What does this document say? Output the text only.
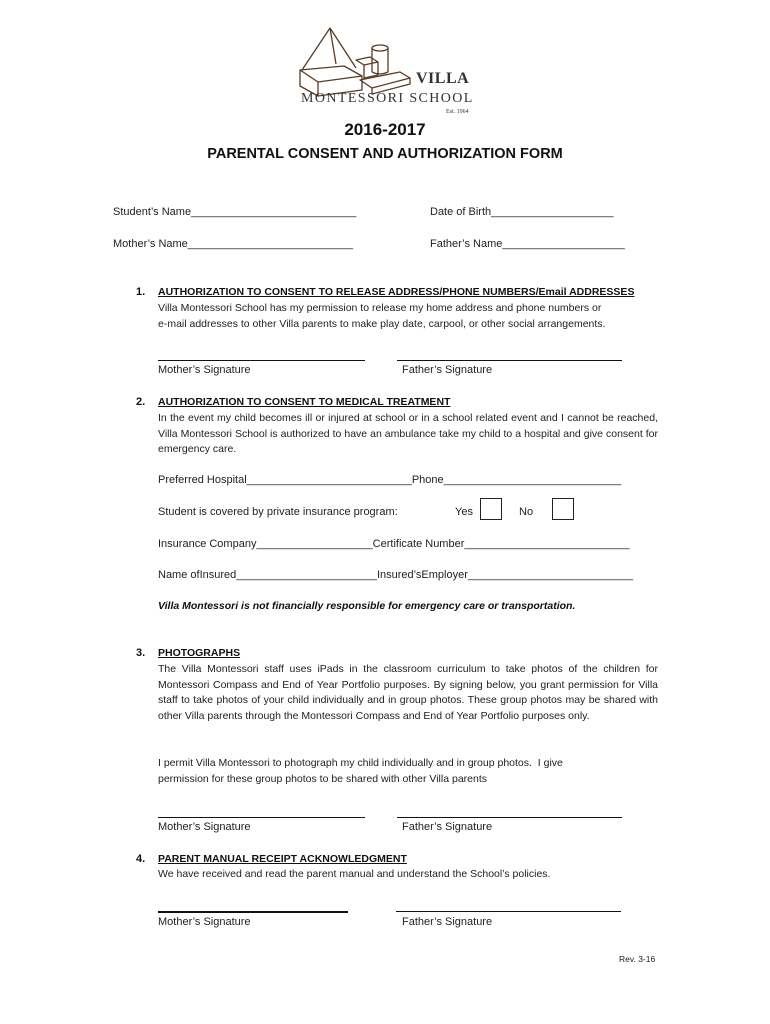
VILLA
MONTESSORI SCHOOL
Est. 1964
2016-2017
PARENTAL CONSENT AND AUTHORIZATION FORM
Student’s Name___________________________	Date of Birth____________________
Mother’s Name___________________________	Father’s Name____________________
1. AUTHORIZATION TO CONSENT TO RELEASE ADDRESS/PHONE NUMBERS/Email ADDRESSES
Villa Montessori School has my permission to release my home address and phone numbers or
e-mail addresses to other Villa parents to make play date, carpool, or other social arrangements.
Mother’s Signature	Father’s Signature
2. AUTHORIZATION TO CONSENT TO MEDICAL TREATMENT
In the event my child becomes ill or injured at school or in a school related event and I cannot be reached, Villa Montessori School is authorized to have an ambulance take my child to a hospital and give consent for emergency care.
Preferred Hospital___________________________Phone_____________________________
Student is covered by private insurance program:	Yes	No
Insurance Company___________________Certificate Number___________________________
Name ofInsured_______________________Insured’sEmployer___________________________
Villa Montessori is not financially responsible for emergency care or transportation.
3. PHOTOGRAPHS
The Villa Montessori staff uses iPads in the classroom curriculum to take photos of the children for Montessori Compass and End of Year Portfolio purposes. By signing below, you grant permission for Villa staff to take photos of your child individually and in group photos. These group photos may be shared with other Villa parents through the Montessori Compass and End of Year Portfolio purposes only.
I permit Villa Montessori to photograph my child individually and in group photos.  I give
permission for these group photos to be shared with other Villa parents
Mother’s Signature	Father’s Signature
4. PARENT MANUAL RECEIPT ACKNOWLEDGMENT
We have received and read the parent manual and understand the School’s policies.
Mother’s Signature	Father’s Signature
Rev. 3-16
